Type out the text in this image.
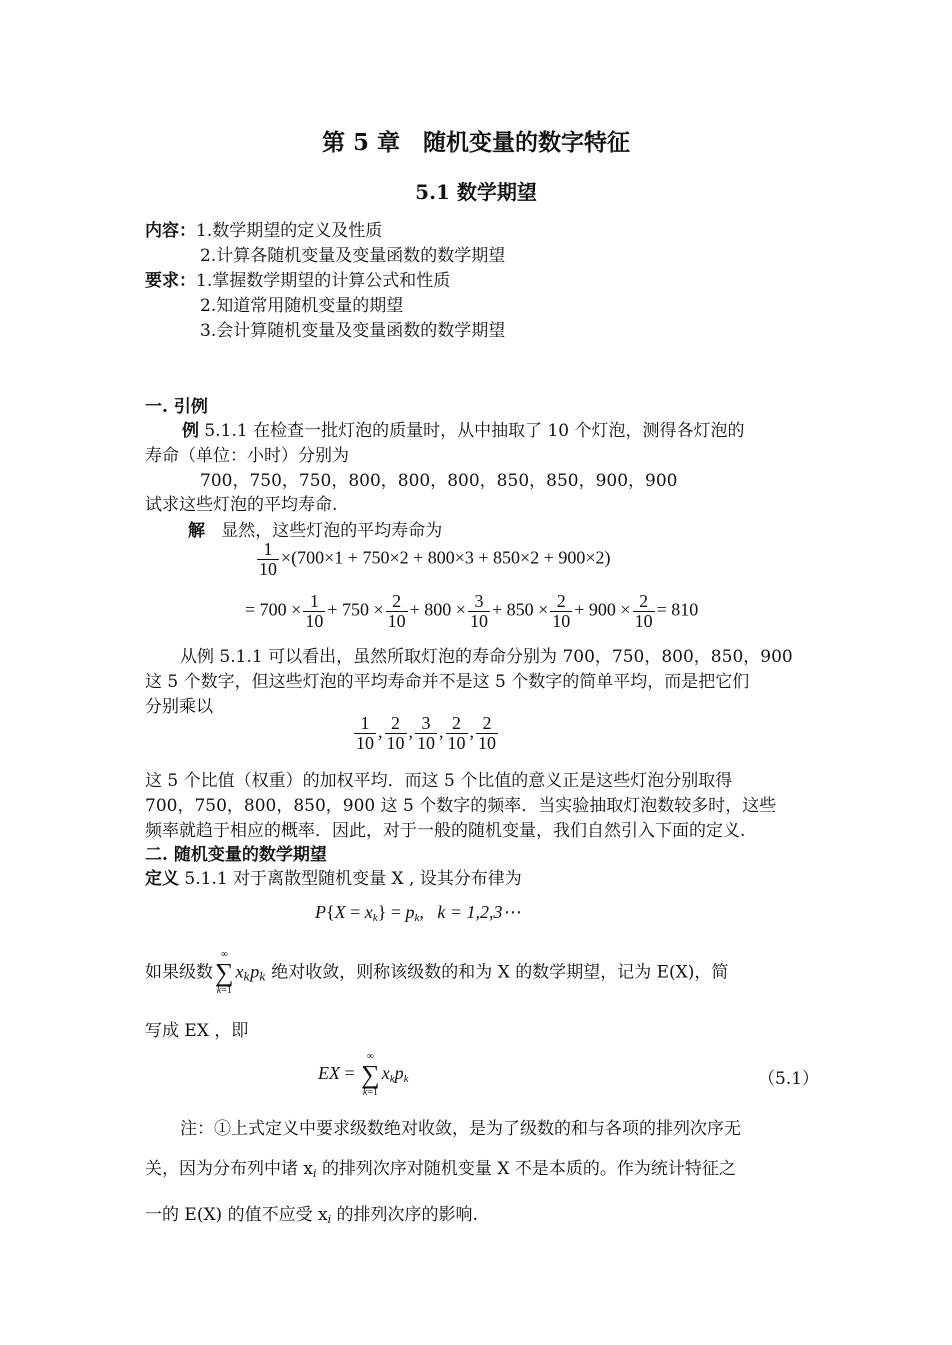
第 5 章　随机变量的数字特征
5.1 数学期望
内容：1.数学期望的定义及性质
2.计算各随机变量及变量函数的数学期望
要求：1.掌握数学期望的计算公式和性质
2.知道常用随机变量的期望
3.会计算随机变量及变量函数的数学期望
一. 引例
例 5.1.1 在检查一批灯泡的质量时，从中抽取了 10 个灯泡，测得各灯泡的
寿命（单位：小时）分别为
700，750，750，800，800，800，850，850，900，900
试求这些灯泡的平均寿命.
解 显然，这些灯泡的平均寿命为
$\frac{1}{10} \times(700\times 1 + 750\times 2 + 800\times 3 + 850\times 2 + 900\times 2)$
= $700 \times \frac{1}{10} + 750 \times \frac{2}{10} + 800 \times \frac{3}{10} + 850 \times \frac{2}{10} + 900 \times \frac{2}{10} = 810$
从例 5.1.1 可以看出，虽然所取灯泡的寿命分别为 700，750，800，850，900
这 5 个数字，但这些灯泡的平均寿命并不是这 5 个数字的简单平均，而是把它们
分别乘以
$\frac{1}{10}$ , $\frac{2}{10}$ , $\frac{3}{10}$ , $\frac{2}{10}$ , $\frac{2}{10}$
这 5 个比值（权重）的加权平均．而这 5 个比值的意义正是这些灯泡分别取得
700，750，800，850，900 这 5 个数字的频率．当实验抽取灯泡数较多时，这些
频率就趋于相应的概率．因此，对于一般的随机变量，我们自然引入下面的定义.
二. 随机变量的数学期望
定义 5.1.1 对于离散型随机变量 X , 设其分布律为
$P\{X = x_k\} = p_k$,   k = 1,2,3⋯
如果级数
∞
∑
k=1
$x_kp_k$ 绝对收敛，则称该级数的和为 X 的数学期望，记为 E(X)，简
写成 EX ，即
EX =
∞
∑
k=1
$x_kp_k$	（5.1）
注：①上式定义中要求级数绝对收敛，是为了级数的和与各项的排列次序无
关，因为分布列中诸 $x_i$ 的排列次序对随机变量 X 不是本质的。作为统计特征之
一的 E(X) 的值不应受 $x_i$ 的排列次序的影响.
